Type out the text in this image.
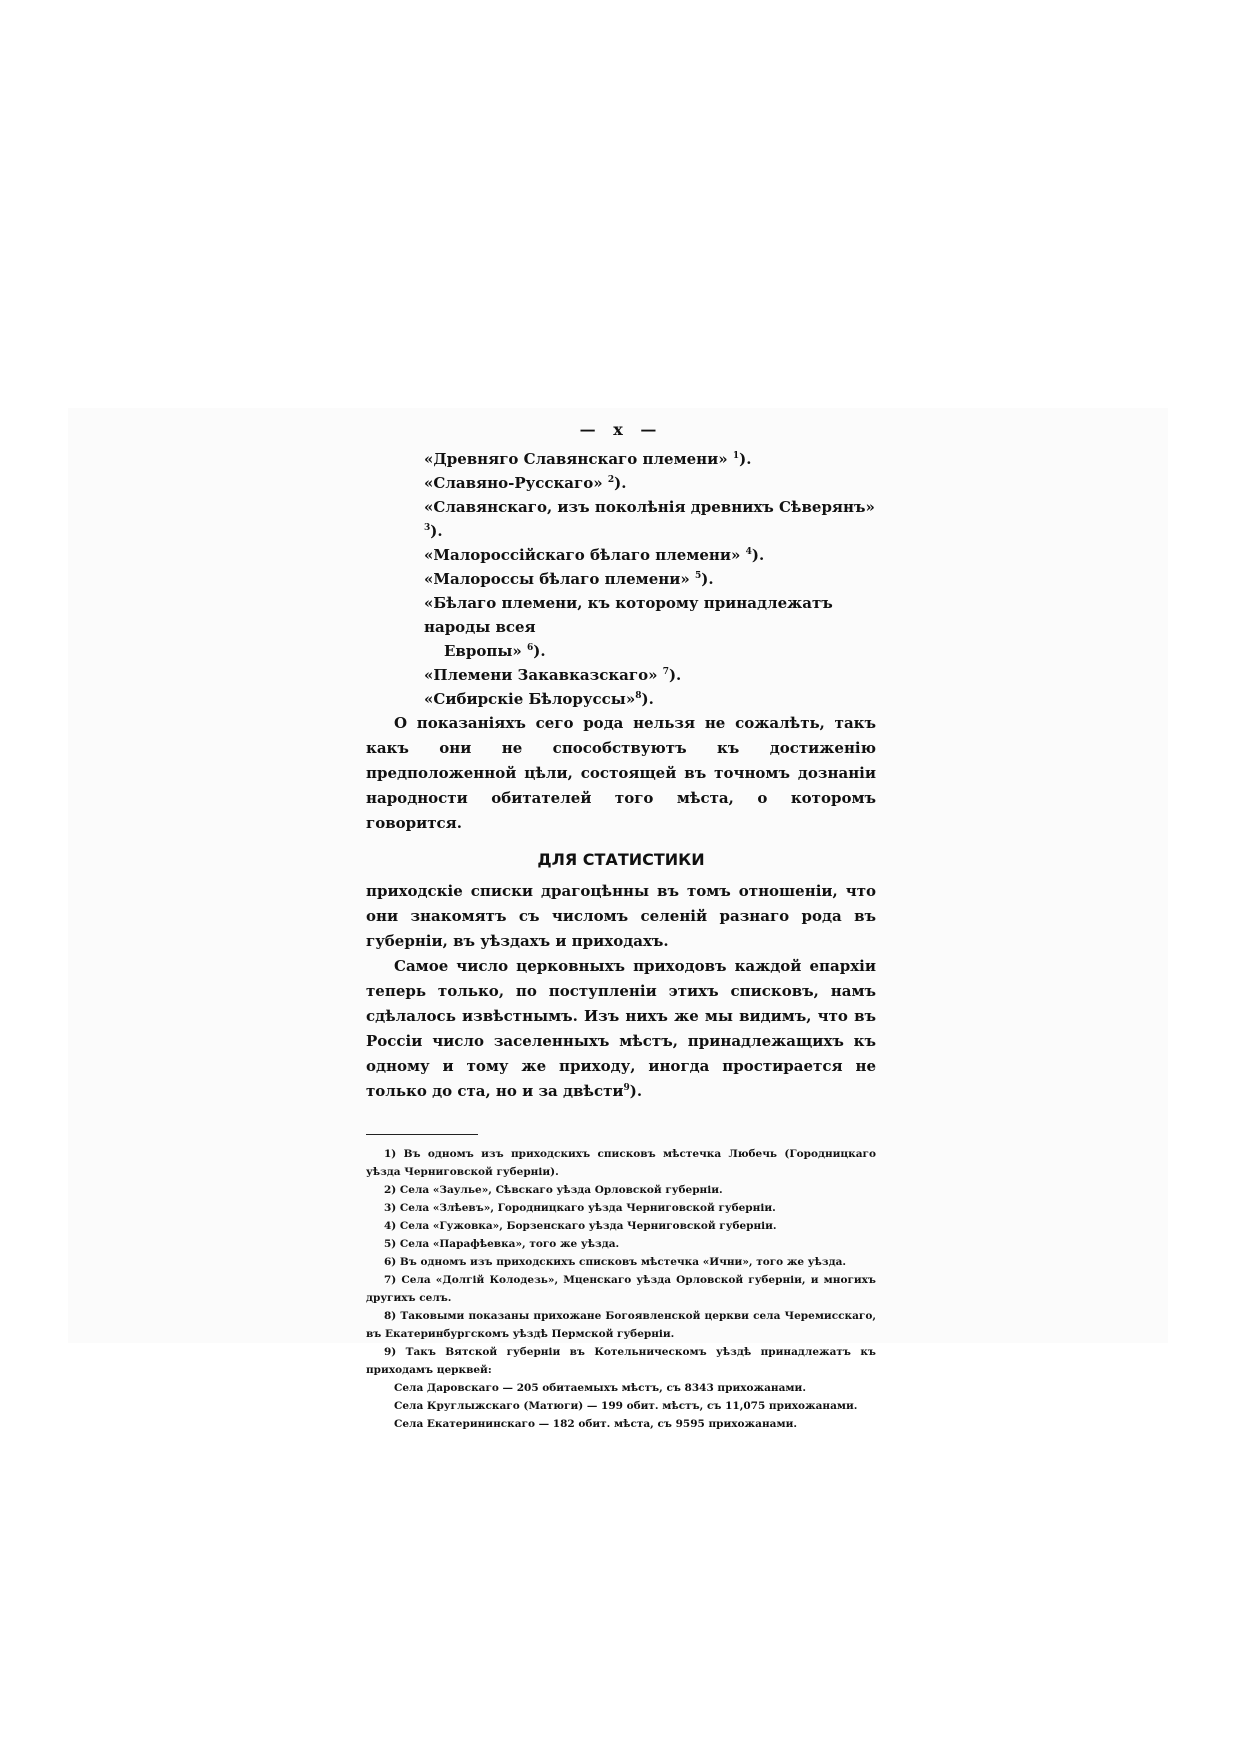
— x —
«Древняго Славянскаго племени» $^1$).
«Славяно-Русскаго» $^2$).
«Славянскаго, изъ поколѣнія древнихъ Сѣверянъ» $^3$).
«Малороссійскаго бѣлаго племени» $^4$).
«Малороссы бѣлаго племени» $^5$).
«Бѣлаго племени, къ которому принадлежатъ народы всея
Европы» $^6$).
«Племени Закавказскаго» $^7$).
«Сибирскіе Бѣлоруссы»$^8$).

О показаніяхъ сего рода нельзя не сожалѣть, такъ какъ они не способствуютъ къ достиженію предположенной цѣли, состоящей въ точномъ дознаніи народности обитателей того мѣста, о которомъ говорится.

ДЛЯ СТАТИСТИКИ

приходскіе списки драгоцѣнны въ томъ отношеніи, что они знакомятъ съ числомъ селеній разнаго рода въ губерніи, въ уѣздахъ и приходахъ.

Самое число церковныхъ приходовъ каждой епархіи теперь только, по поступленіи этихъ списковъ, намъ сдѣлалось извѣстнымъ. Изъ нихъ же мы видимъ, что въ Россіи число заселенныхъ мѣстъ, принадлежащихъ къ одному и тому же приходу, иногда простирается не только до ста, но и за двѣсти$^9$).

1) Въ одномъ изъ приходскихъ списковъ мѣстечка Любечь (Городницкаго уѣзда Черниговской губерніи).

2) Села «Заулье», Сѣвскаго уѣзда Орловской губерніи.

3) Села «Злѣевъ», Городницкаго уѣзда Черниговской губерніи.

4) Села «Гужовка», Борзенскаго уѣзда Черниговской губерніи.

5) Села «Парафѣевка», того же уѣзда.

6) Въ одномъ изъ приходскихъ списковъ мѣстечка «Ични», того же уѣзда.

7) Села «Долгій Колодезь», Мценскаго уѣзда Орловской губерніи, и многихъ другихъ селъ.

8) Таковыми показаны прихожане Богоявленской церкви села Черемисскаго, въ Екатеринбургскомъ уѣздѣ Пермской губерніи.

9) Такъ Вятской губерніи въ Котельническомъ уѣздѣ принадлежатъ къ приходамъ церквей:

Села Даровскаго — 205 обитаемыхъ мѣстъ, съ 8343 прихожанами.

Села Круглыжскаго (Матюги) — 199 обит. мѣстъ, съ 11,075 прихожанами.

Села Екатерининскаго — 182 обит. мѣста, съ 9595 прихожанами.
